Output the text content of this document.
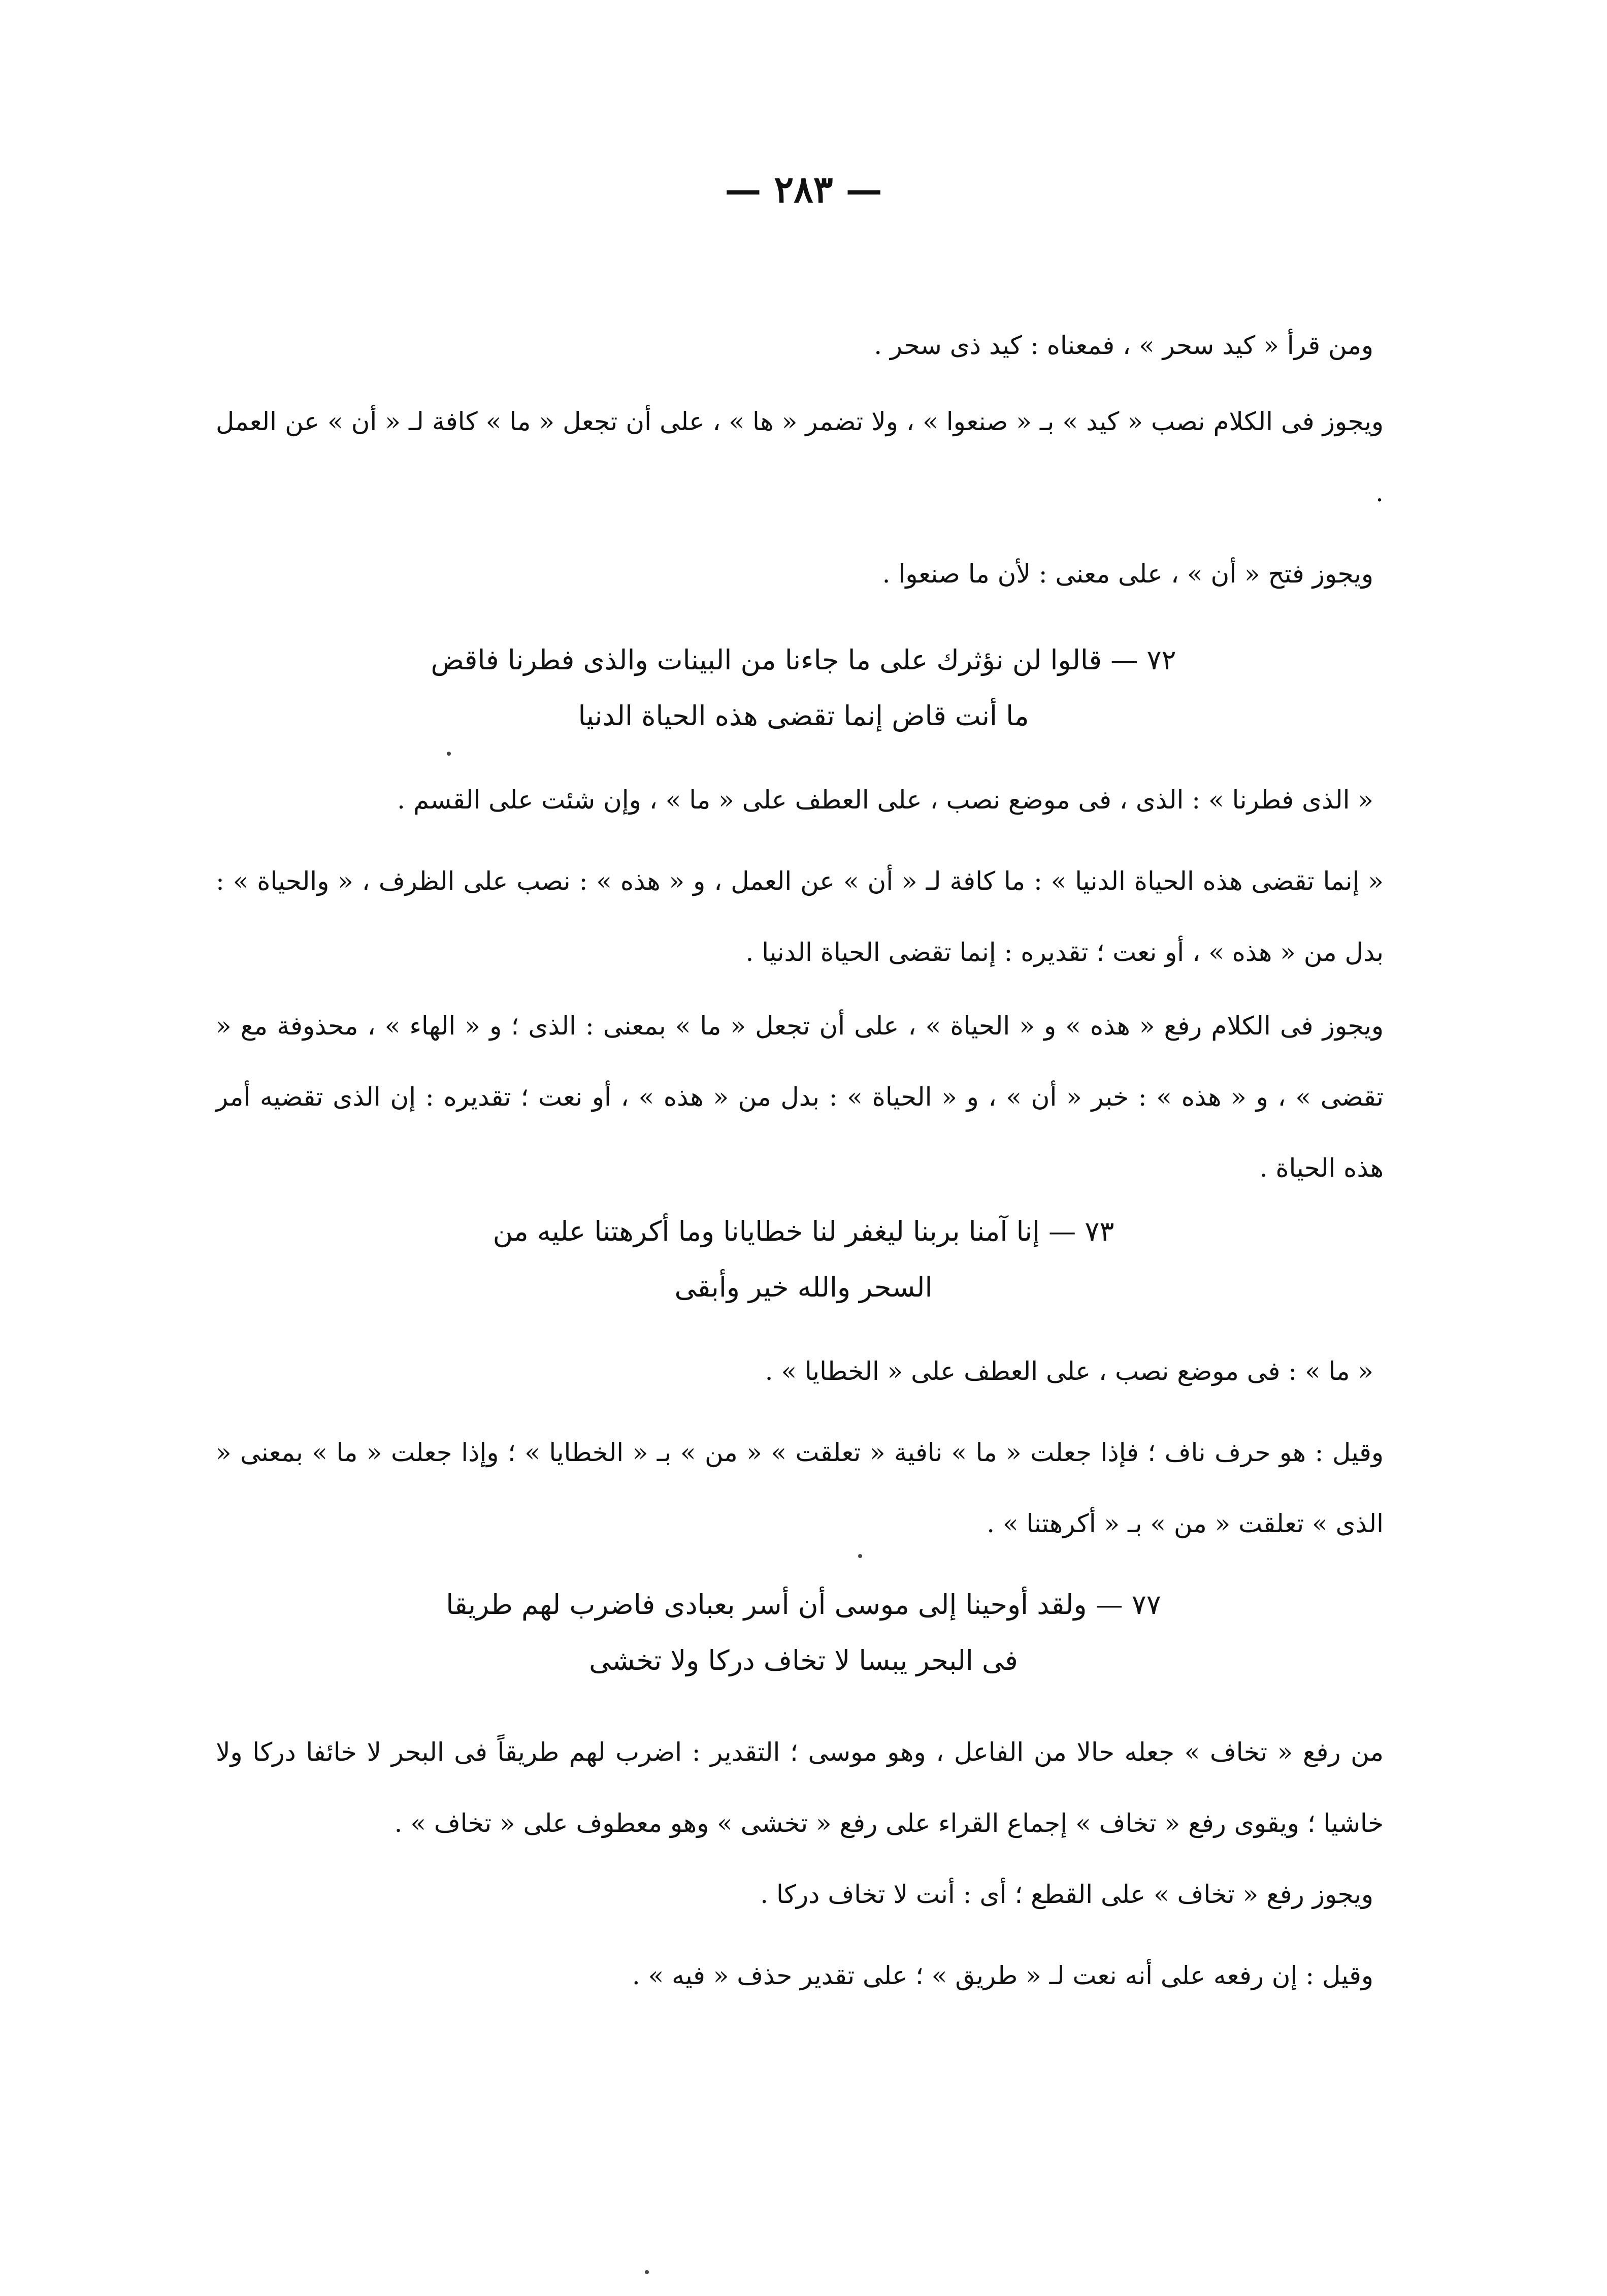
— ٢٨٣ —

ومن قرأ « كيد سحر » ، فمعناه : كيد ذى سحر .

ويجوز فى الكلام نصب « كيد » بـ « صنعوا » ، ولا تضمر « ها » ، على أن تجعل « ما » كافة لـ « أن » عن العمل .

ويجوز فتح « أن » ، على معنى : لأن ما صنعوا .

٧٢ — قالوا لن نؤثرك على ما جاءنا من البينات والذى فطرنا فاقض
ما أنت قاض إنما تقضى هذه الحياة الدنيا

« الذى فطرنا » : الذى ، فى موضع نصب ، على العطف على « ما » ، وإن شئت على القسم .

« إنما تقضى هذه الحياة الدنيا » : ما كافة لـ « أن » عن العمل ، و « هذه » : نصب على الظرف ، « والحياة » : بدل من « هذه » ، أو نعت ؛ تقديره : إنما تقضى الحياة الدنيا .

ويجوز فى الكلام رفع « هذه » و « الحياة » ، على أن تجعل « ما » بمعنى : الذى ؛ و « الهاء » ، محذوفة مع « تقضى » ، و « هذه » : خبر « أن » ، و « الحياة » : بدل من « هذه » ، أو نعت ؛ تقديره : إن الذى تقضيه أمر هذه الحياة .

٧٣ — إنا آمنا بربنا ليغفر لنا خطايانا وما أكرهتنا عليه من
السحر والله خير وأبقى

« ما » : فى موضع نصب ، على العطف على « الخطايا » .

وقيل : هو حرف ناف ؛ فإذا جعلت « ما » نافية « تعلقت » « من » بـ « الخطايا » ؛ وإذا جعلت « ما » بمعنى « الذى » تعلقت « من » بـ « أكرهتنا » .

٧٧ — ولقد أوحينا إلى موسى أن أسر بعبادى فاضرب لهم طريقا
فى البحر يبسا لا تخاف دركا ولا تخشى

من رفع « تخاف » جعله حالا من الفاعل ، وهو موسى ؛ التقدير : اضرب لهم طريقاً فى البحر لا خائفا دركا ولا خاشيا ؛ ويقوى رفع « تخاف » إجماع القراء على رفع « تخشى » وهو معطوف على « تخاف » .

ويجوز رفع « تخاف » على القطع ؛ أى : أنت لا تخاف دركا .

وقيل : إن رفعه على أنه نعت لـ « طريق » ؛ على تقدير حذف « فيه » .
